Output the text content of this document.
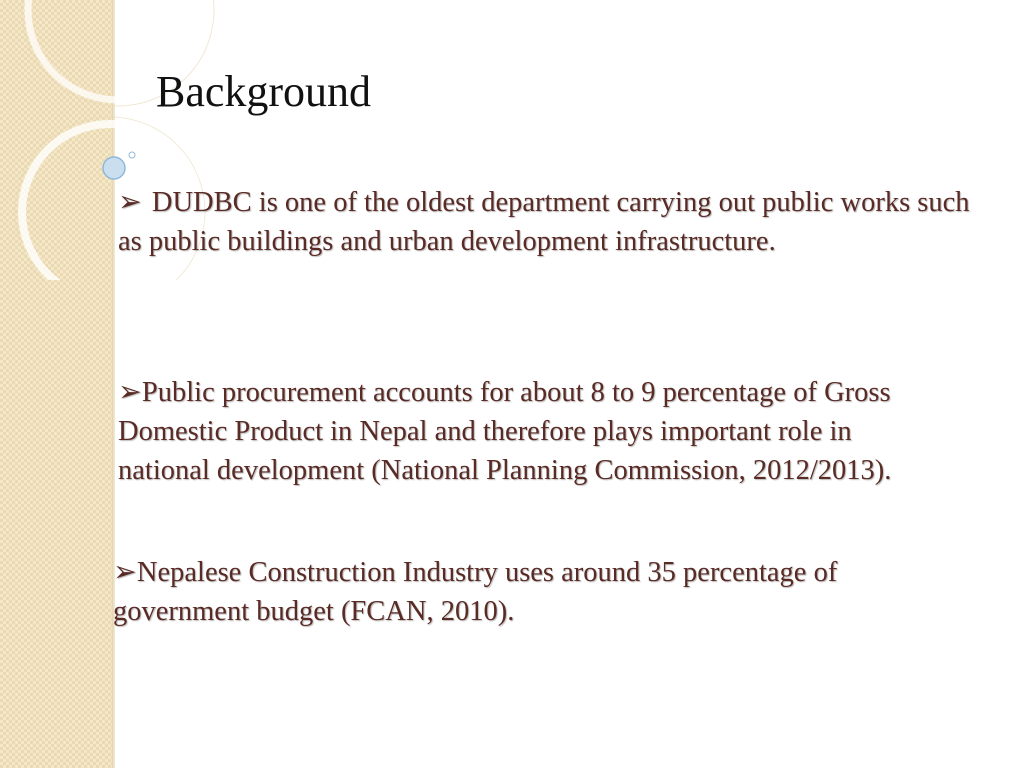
Background

➢ DUDBC is one of the oldest department carrying out public works such as public buildings and urban development infrastructure.

➢Public procurement accounts for about 8 to 9 percentage of Gross Domestic Product in Nepal and therefore plays important role in national development (National Planning Commission, 2012/2013).

➢Nepalese Construction Industry uses around 35 percentage of government budget (FCAN, 2010).
